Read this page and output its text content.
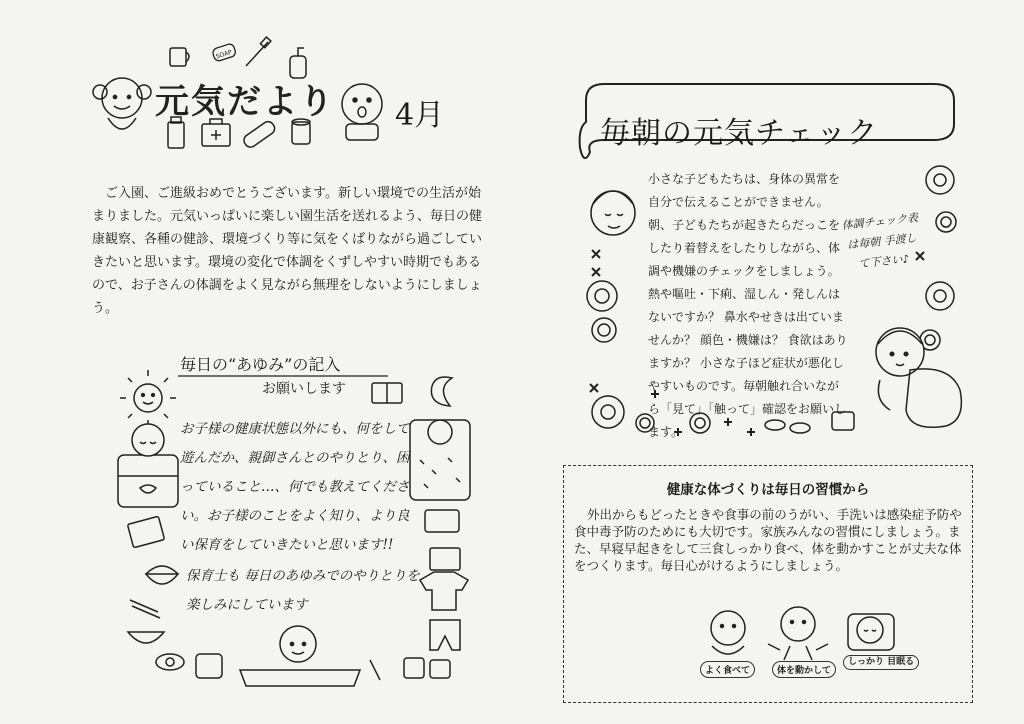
SOAP
元気だより 4月
ご入園、ご進級おめでとうございます。新しい環境での生活が始まりました。元気いっぱいに楽しい園生活を送れるよう、毎日の健康観察、各種の健診、環境づくり等に気をくばりながら過ごしていきたいと思います。環境の変化で体調をくずしやすい時期でもあるので、お子さんの体調をよく見ながら無理をしないようにしましょう。
毎日の“あゆみ”の記入
お願いします
お子様の健康状態以外にも、何をして遊んだか、親御さんとのやりとり、困っていること…、何でも教えてください。お子様のことをよく知り、より良い保育をしていきたいと思います!!
保育士も 毎日のあゆみでのやりとりを 楽しみにしています
毎朝の元気チェック
小さな子どもたちは、身体の異常を自分で伝えることができません。朝、子どもたちが起きたらだっこをしたり着替えをしたりしながら、体調や機嫌のチェックをしましょう。熱や嘔吐・下痢、湿しん・発しんはないですか？ 鼻水やせきは出ていませんか？ 顔色・機嫌は？ 食欲はありますか？ 小さな子ほど症状が悪化しやすいものです。毎朝触れ合いながら「見て」「触って」確認をお願いします。
体調チェック表は毎朝 手渡して下さい♪
健康な体づくりは毎日の習慣から
外出からもどったときや食事の前のうがい、手洗いは感染症予防や食中毒予防のためにも大切です。家族みんなの習慣にしましょう。また、早寝早起きをして三食しっかり食べ、体を動かすことが丈夫な体をつくります。毎日心がけるようにしましょう。
よく食べて	体を動かして
しっかり 目眠る
